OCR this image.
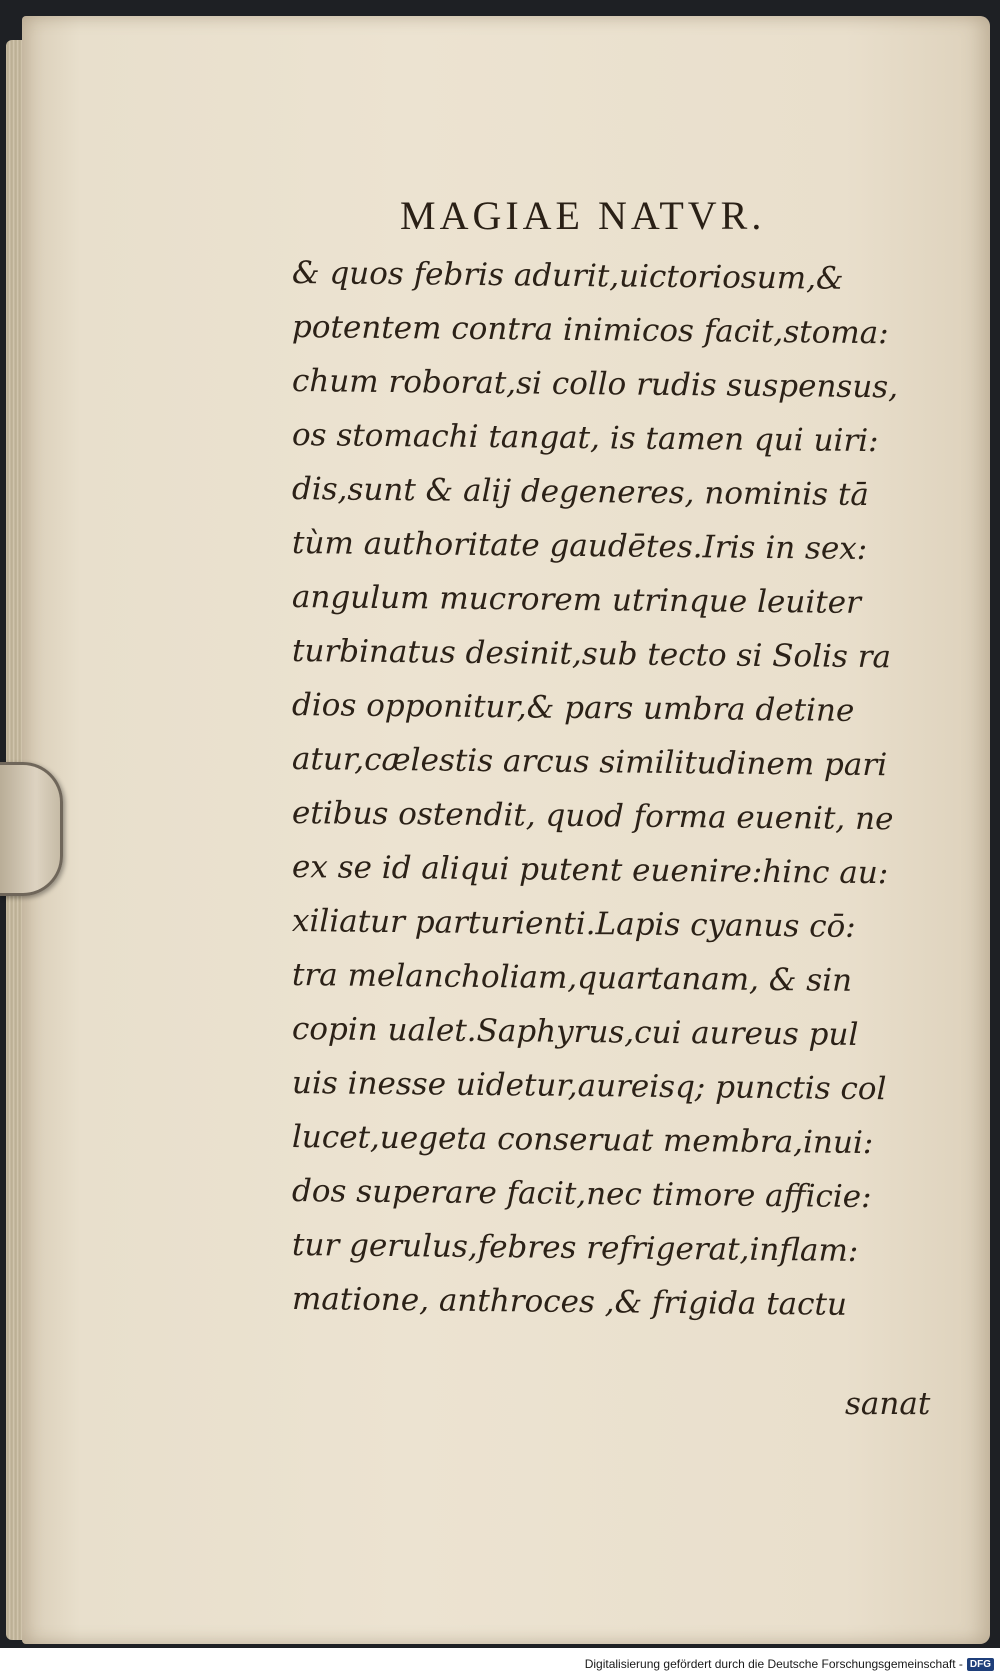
MAGIAE NATVR.
& quos febris adurit,uictoriosum,&
potentem contra inimicos facit,stoma:
chum roborat,si collo rudis suspensus,
os stomachi tangat, is tamen qui uiri:
dis,sunt & alij degeneres, nominis tā
tùm authoritate gaudētes.Iris in sex:
angulum mucrorem utrinque leuiter
turbinatus desinit,sub tecto si Solis ra
dios opponitur,& pars umbra detine
atur,cælestis arcus similitudinem pari
etibus ostendit, quod forma euenit, ne
ex se id aliqui putent euenire:hinc au:
xiliatur parturienti.Lapis cyanus cō:
tra melancholiam,quartanam, & sin
copin ualet.Saphyrus,cui aureus pul
uis inesse uidetur,aureisq; punctis col
lucet,uegeta conseruat membra,inui:
dos superare facit,nec timore afficie:
tur gerulus,febres refrigerat,inflam:
matione, anthroces ,& frigida tactu
sanat
Digitalisierung gefördert durch die Deutsche Forschungsgemeinschaft - DFG
